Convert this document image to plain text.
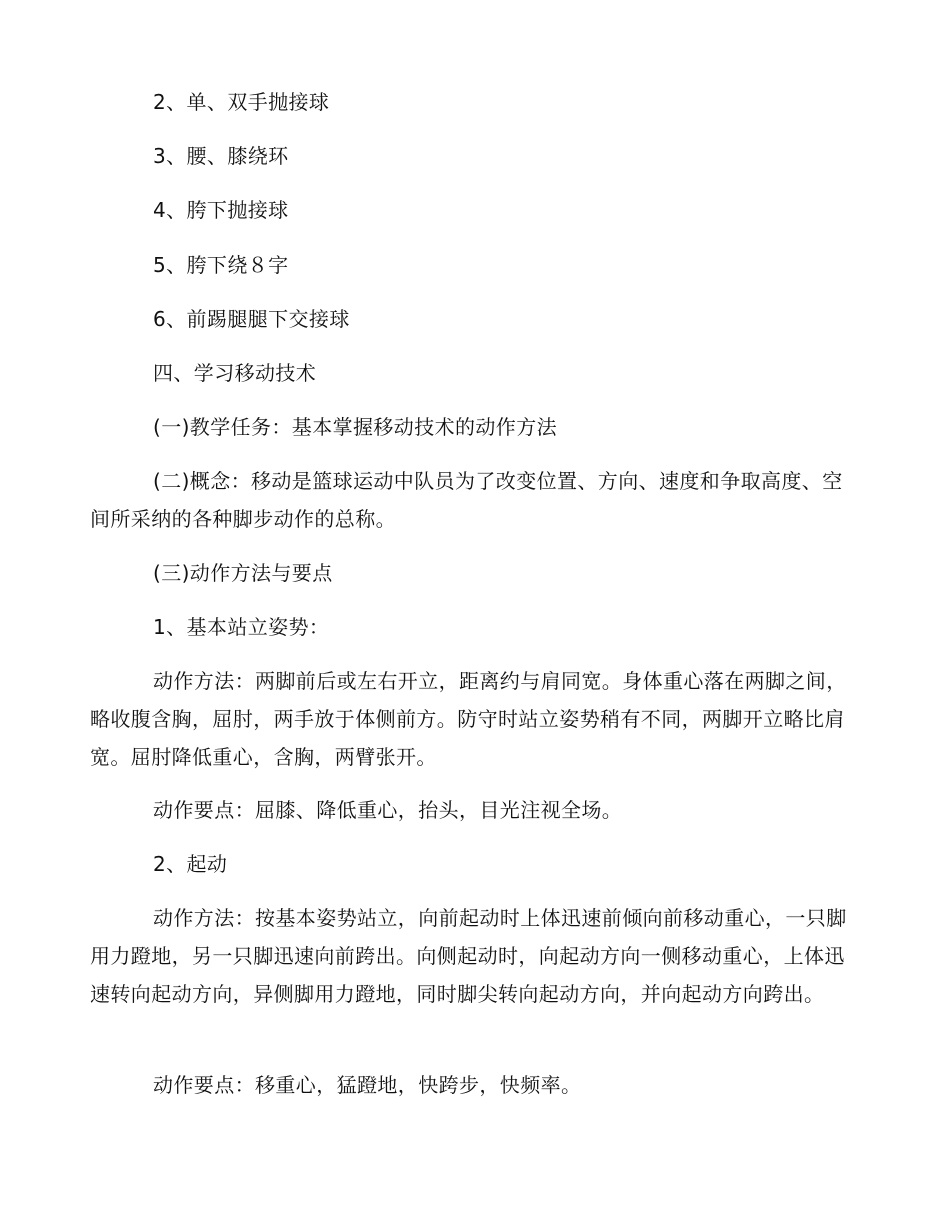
2、单、双手抛接球

3、腰、膝绕环

4、胯下抛接球

5、胯下绕８字

6、前踢腿腿下交接球

四、学习移动技术

(一)教学任务：基本掌握移动技术的动作方法

(二)概念：移动是篮球运动中队员为了改变位置、方向、速度和争取高度、空间所采纳的各种脚步动作的总称。

(三)动作方法与要点

1、基本站立姿势：

动作方法：两脚前后或左右开立，距离约与肩同宽。身体重心落在两脚之间，略收腹含胸，屈肘，两手放于体侧前方。防守时站立姿势稍有不同，两脚开立略比肩宽。屈肘降低重心，含胸，两臂张开。

动作要点：屈膝、降低重心，抬头，目光注视全场。

2、起动

动作方法：按基本姿势站立，向前起动时上体迅速前倾向前移动重心，一只脚用力蹬地，另一只脚迅速向前跨出。向侧起动时，向起动方向一侧移动重心，上体迅速转向起动方向，异侧脚用力蹬地，同时脚尖转向起动方向，并向起动方向跨出。

动作要点：移重心，猛蹬地，快跨步，快频率。
